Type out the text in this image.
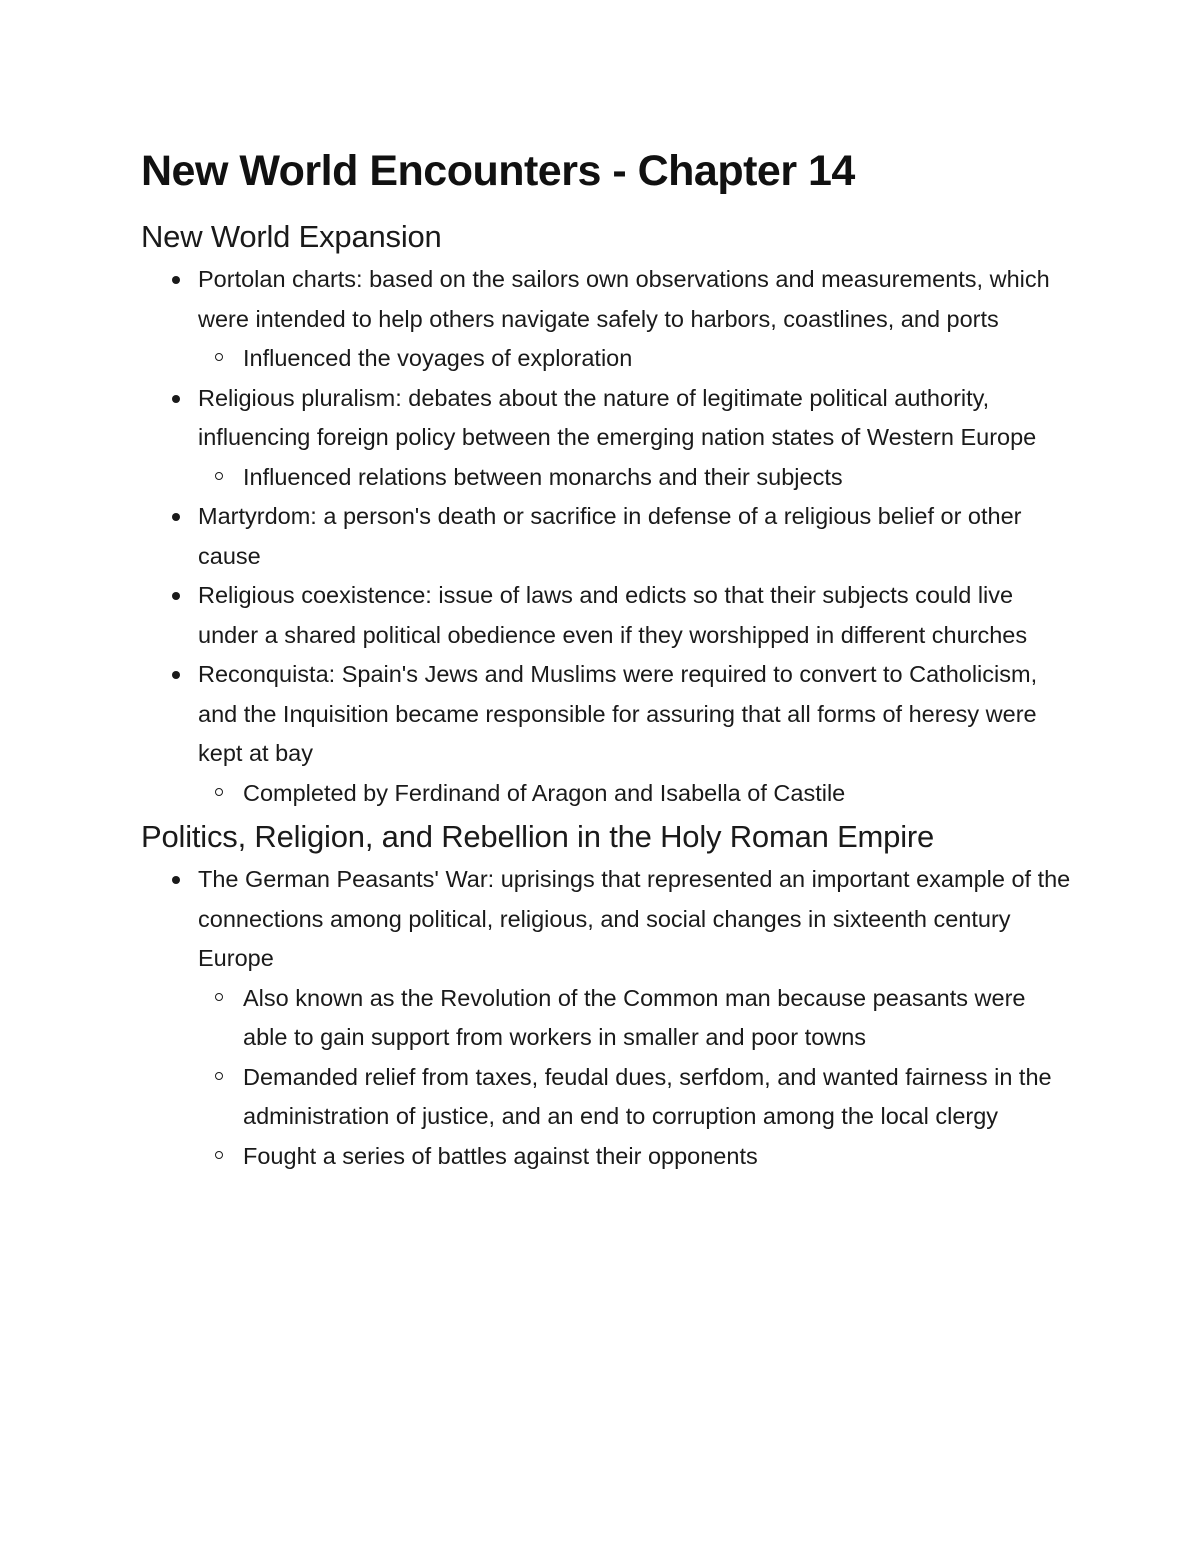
New World Encounters - Chapter 14
New World Expansion
Portolan charts: based on the sailors own observations and measurements, which were intended to help others navigate safely to harbors, coastlines, and ports
Influenced the voyages of exploration
Religious pluralism: debates about the nature of legitimate political authority, influencing foreign policy between the emerging nation states of Western Europe
Influenced relations between monarchs and their subjects
Martyrdom: a person's death or sacrifice in defense of a religious belief or other cause
Religious coexistence: issue of laws and edicts so that their subjects could live under a shared political obedience even if they worshipped in different churches
Reconquista: Spain's Jews and Muslims were required to convert to Catholicism, and the Inquisition became responsible for assuring that all forms of heresy were kept at bay
Completed by Ferdinand of Aragon and Isabella of Castile
Politics, Religion, and Rebellion in the Holy Roman Empire
The German Peasants' War: uprisings that represented an important example of the connections among political, religious, and social changes in sixteenth century Europe
Also known as the Revolution of the Common man because peasants were able to gain support from workers in smaller and poor towns
Demanded relief from taxes, feudal dues, serfdom, and wanted fairness in the administration of justice, and an end to corruption among the local clergy
Fought a series of battles against their opponents
